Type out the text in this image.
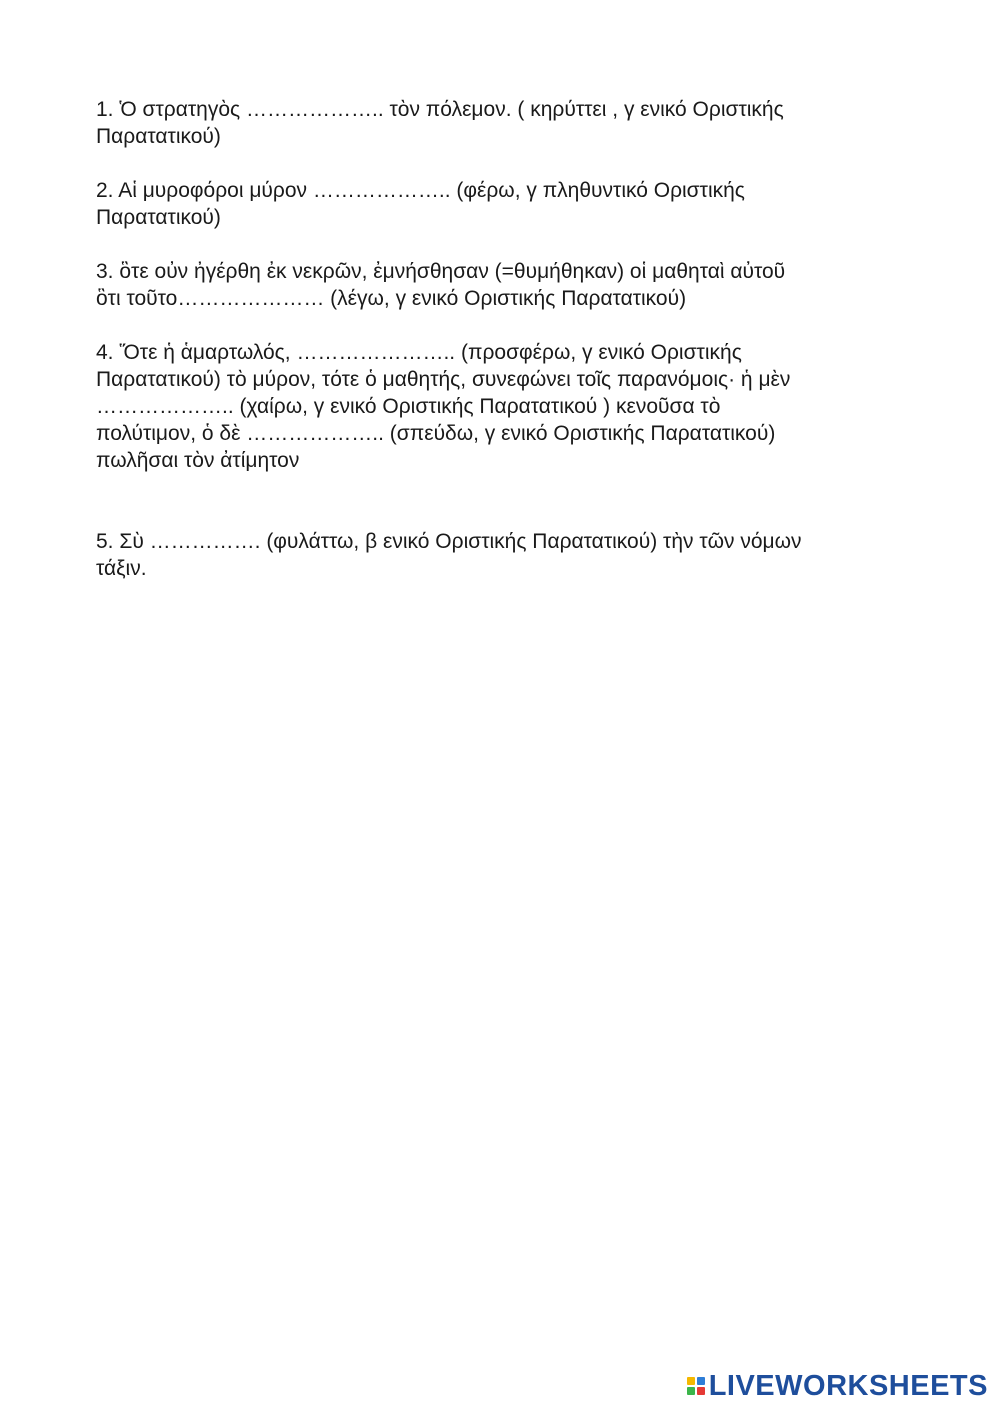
1. Ὁ στρατηγὸς ……………….. τὸν πόλεμον. ( κηρύττει , γ ενικό Οριστικής
Παρατατικού)

2. Αἱ μυροφόροι μύρον ……………….. (φέρω, γ πληθυντικό Οριστικής
Παρατατικού)

3. ὃτε οὐν ἠγέρθη ἐκ νεκρῶν, ἐμνήσθησαν (=θυμήθηκαν) οἱ μαθηταὶ αὐτοῦ
ὃτι τοῦτο………………… (λέγω, γ ενικό Οριστικής Παρατατικού)

4. Ὅτε ἡ ἁμαρτωλός, ………………….. (προσφέρω, γ ενικό Οριστικής
Παρατατικού) τὸ μύρον, τότε ὁ μαθητής, συνεφώνει τοῖς παρανόμοις· ἡ μὲν
……………….. (χαίρω, γ ενικό Οριστικής Παρατατικού ) κενοῦσα τὸ
πολύτιμον, ὁ δὲ ……………….. (σπεύδω, γ ενικό Οριστικής Παρατατικού)
πωλῆσαι τὸν ἀτίμητον

5. Σὺ ……………. (φυλάττω, β ενικό Οριστικής Παρατατικού) τὴν τῶν νόμων
τάξιν.

LIVEWORKSHEETS
